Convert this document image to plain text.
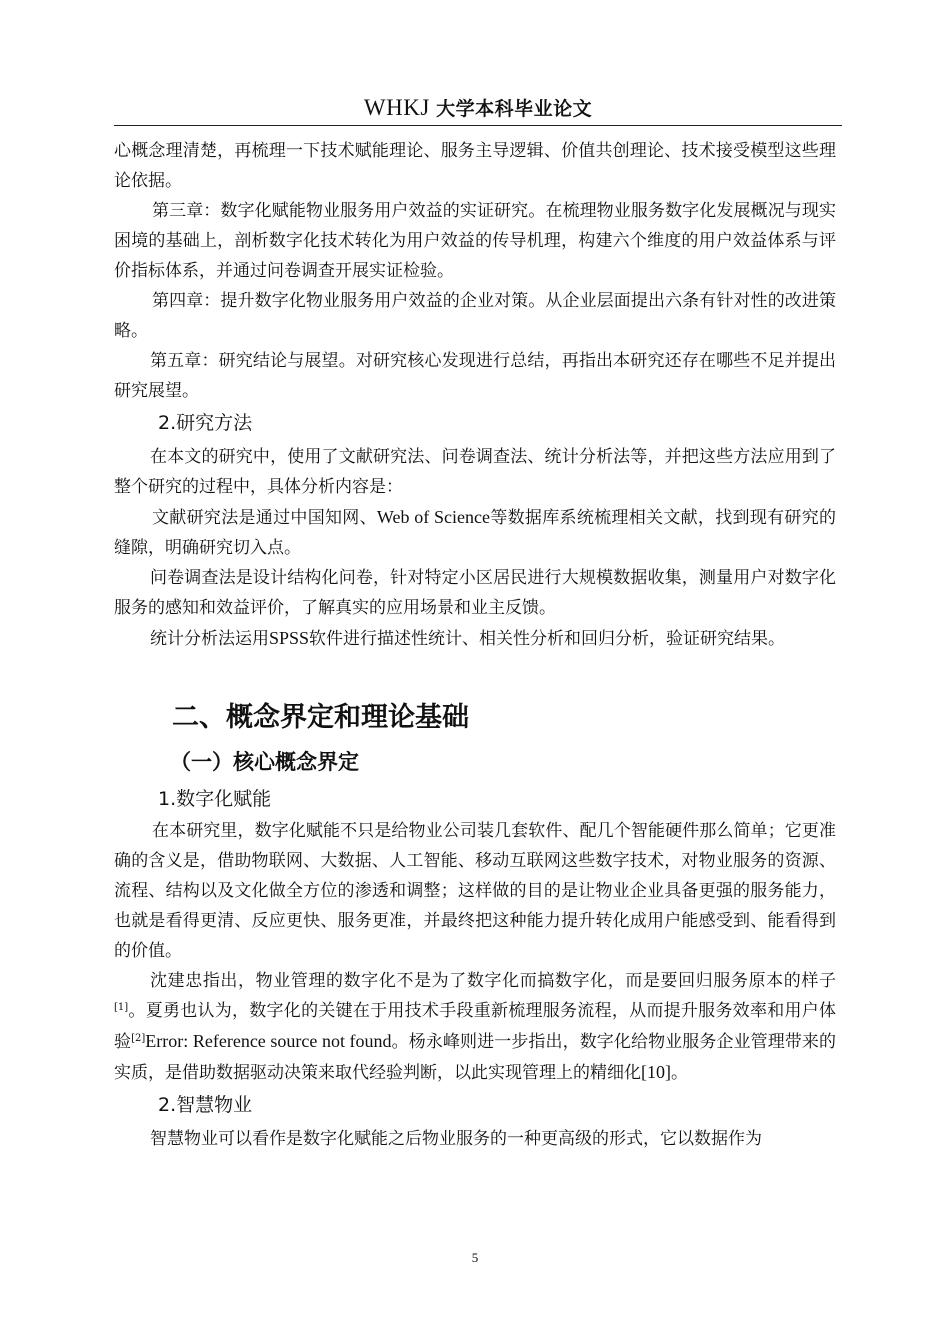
WHKJ 大学本科毕业论文

心概念理清楚，再梳理一下技术赋能理论、服务主导逻辑、价值共创理论、技术接受模型这些理论依据。

第三章：数字化赋能物业服务用户效益的实证研究。在梳理物业服务数字化发展概况与现实困境的基础上，剖析数字化技术转化为用户效益的传导机理，构建六个维度的用户效益体系与评价指标体系，并通过问卷调查开展实证检验。

第四章：提升数字化物业服务用户效益的企业对策。从企业层面提出六条有针对性的改进策略。

第五章：研究结论与展望。对研究核心发现进行总结，再指出本研究还存在哪些不足并提出研究展望。

2.研究方法

在本文的研究中，使用了文献研究法、问卷调查法、统计分析法等，并把这些方法应用到了整个研究的过程中，具体分析内容是：

文献研究法是通过中国知网、Web of Science等数据库系统梳理相关文献，找到现有研究的缝隙，明确研究切入点。

问卷调查法是设计结构化问卷，针对特定小区居民进行大规模数据收集，测量用户对数字化服务的感知和效益评价，了解真实的应用场景和业主反馈。

统计分析法运用SPSS软件进行描述性统计、相关性分析和回归分析，验证研究结果。

二、概念界定和理论基础
（一）核心概念界定
1.数字化赋能

在本研究里，数字化赋能不只是给物业公司装几套软件、配几个智能硬件那么简单；它更准确的含义是，借助物联网、大数据、人工智能、移动互联网这些数字技术，对物业服务的资源、流程、结构以及文化做全方位的渗透和调整；这样做的目的是让物业企业具备更强的服务能力，也就是看得更清、反应更快、服务更准，并最终把这种能力提升转化成用户能感受到、能看得到的价值。

沈建忠指出，物业管理的数字化不是为了数字化而搞数字化，而是要回归服务原本的样子[1]。夏勇也认为，数字化的关键在于用技术手段重新梳理服务流程，从而提升服务效率和用户体验[2]Error: Reference source not found。杨永峰则进一步指出，数字化给物业服务企业管理带来的实质，是借助数据驱动决策来取代经验判断，以此实现管理上的精细化[10]。

2.智慧物业

智慧物业可以看作是数字化赋能之后物业服务的一种更高级的形式，它以数据作为

5
